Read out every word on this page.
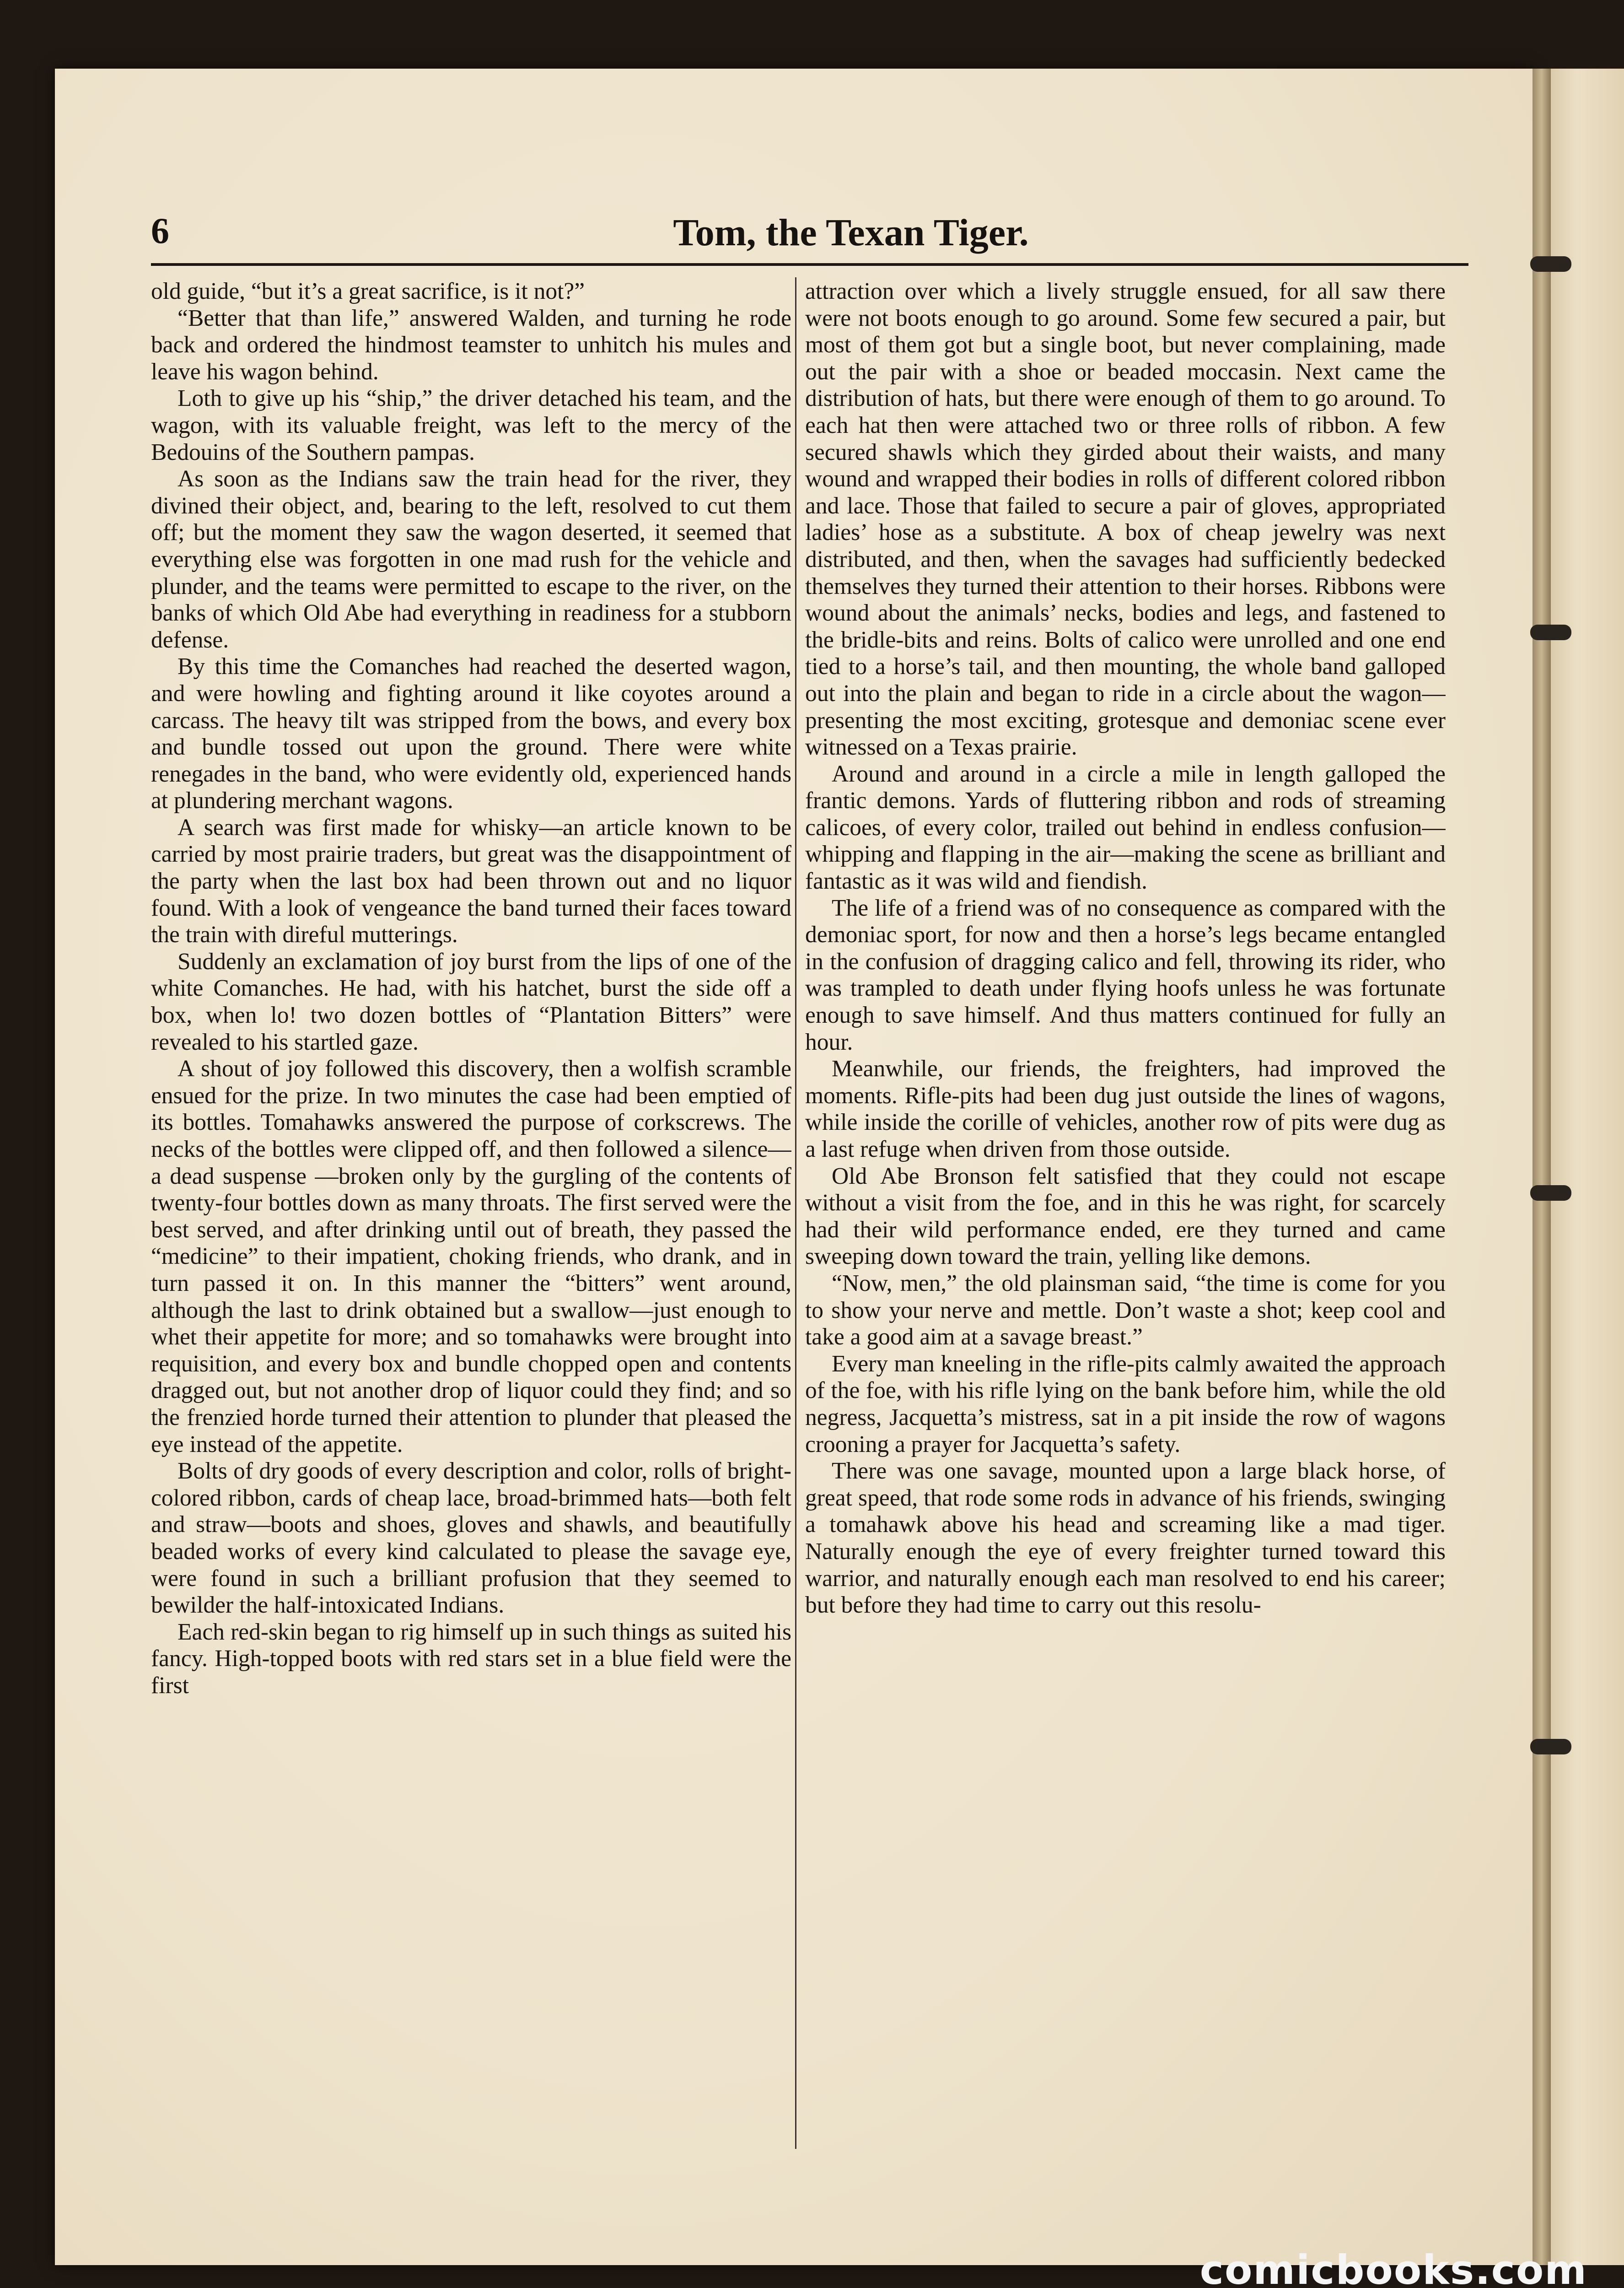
6	Tom, the Texan Tiger.

old guide, “but it’s a great sacrifice, is it not?”

“Better that than life,” answered Walden, and turning he rode back and ordered the hindmost teamster to unhitch his mules and leave his wagon behind.

Loth to give up his “ship,” the driver detached his team, and the wagon, with its valuable freight, was left to the mercy of the Bedouins of the Southern pampas.

As soon as the Indians saw the train head for the river, they divined their object, and, bearing to the left, resolved to cut them off; but the moment they saw the wagon deserted, it seemed that everything else was forgotten in one mad rush for the vehicle and plunder, and the teams were permitted to escape to the river, on the banks of which Old Abe had everything in readiness for a stubborn defense.

By this time the Comanches had reached the deserted wagon, and were howling and fighting around it like coyotes around a carcass. The heavy tilt was stripped from the bows, and every box and bundle tossed out upon the ground. There were white renegades in the band, who were evidently old, experienced hands at plundering merchant wagons.

A search was first made for whisky—an article known to be carried by most prairie traders, but great was the disappointment of the party when the last box had been thrown out and no liquor found. With a look of vengeance the band turned their faces toward the train with direful mutterings.

Suddenly an exclamation of joy burst from the lips of one of the white Comanches. He had, with his hatchet, burst the side off a box, when lo! two dozen bottles of “Plantation Bitters” were revealed to his startled gaze.

A shout of joy followed this discovery, then a wolfish scramble ensued for the prize. In two minutes the case had been emptied of its bottles. Tomahawks answered the purpose of corkscrews. The necks of the bottles were clipped off, and then followed a silence—a dead suspense —broken only by the gurgling of the contents of twenty-four bottles down as many throats. The first served were the best served, and after drinking until out of breath, they passed the “medicine” to their impatient, choking friends, who drank, and in turn passed it on. In this manner the “bitters” went around, although the last to drink obtained but a swallow—just enough to whet their appetite for more; and so tomahawks were brought into requisition, and every box and bundle chopped open and contents dragged out, but not another drop of liquor could they find; and so the frenzied horde turned their attention to plunder that pleased the eye instead of the appetite.

Bolts of dry goods of every description and color, rolls of bright-colored ribbon, cards of cheap lace, broad-brimmed hats—both felt and straw—boots and shoes, gloves and shawls, and beautifully beaded works of every kind calculated to please the savage eye, were found in such a brilliant profusion that they seemed to bewilder the half-intoxicated Indians.

Each red-skin began to rig himself up in such things as suited his fancy. High-topped boots with red stars set in a blue field were the first

attraction over which a lively struggle ensued, for all saw there were not boots enough to go around. Some few secured a pair, but most of them got but a single boot, but never complaining, made out the pair with a shoe or beaded moccasin. Next came the distribution of hats, but there were enough of them to go around. To each hat then were attached two or three rolls of ribbon. A few secured shawls which they girded about their waists, and many wound and wrapped their bodies in rolls of different colored ribbon and lace. Those that failed to secure a pair of gloves, appropriated ladies’ hose as a substitute. A box of cheap jewelry was next distributed, and then, when the savages had sufficiently bedecked themselves they turned their attention to their horses. Ribbons were wound about the animals’ necks, bodies and legs, and fastened to the bridle-bits and reins. Bolts of calico were unrolled and one end tied to a horse’s tail, and then mounting, the whole band galloped out into the plain and began to ride in a circle about the wagon—presenting the most exciting, grotesque and demoniac scene ever witnessed on a Texas prairie.

Around and around in a circle a mile in length galloped the frantic demons. Yards of fluttering ribbon and rods of streaming calicoes, of every color, trailed out behind in endless confusion—whipping and flapping in the air—making the scene as brilliant and fantastic as it was wild and fiendish.

The life of a friend was of no consequence as compared with the demoniac sport, for now and then a horse’s legs became entangled in the confusion of dragging calico and fell, throwing its rider, who was trampled to death under flying hoofs unless he was fortunate enough to save himself. And thus matters continued for fully an hour.

Meanwhile, our friends, the freighters, had improved the moments. Rifle-pits had been dug just outside the lines of wagons, while inside the corille of vehicles, another row of pits were dug as a last refuge when driven from those outside.

Old Abe Bronson felt satisfied that they could not escape without a visit from the foe, and in this he was right, for scarcely had their wild performance ended, ere they turned and came sweeping down toward the train, yelling like demons.

“Now, men,” the old plainsman said, “the time is come for you to show your nerve and mettle. Don’t waste a shot; keep cool and take a good aim at a savage breast.”

Every man kneeling in the rifle-pits calmly awaited the approach of the foe, with his rifle lying on the bank before him, while the old negress, Jacquetta’s mistress, sat in a pit inside the row of wagons crooning a prayer for Jacquetta’s safety.

There was one savage, mounted upon a large black horse, of great speed, that rode some rods in advance of his friends, swinging a tomahawk above his head and screaming like a mad tiger. Naturally enough the eye of every freighter turned toward this warrior, and naturally enough each man resolved to end his career; but before they had time to carry out this resolu-

comicbooks.com
